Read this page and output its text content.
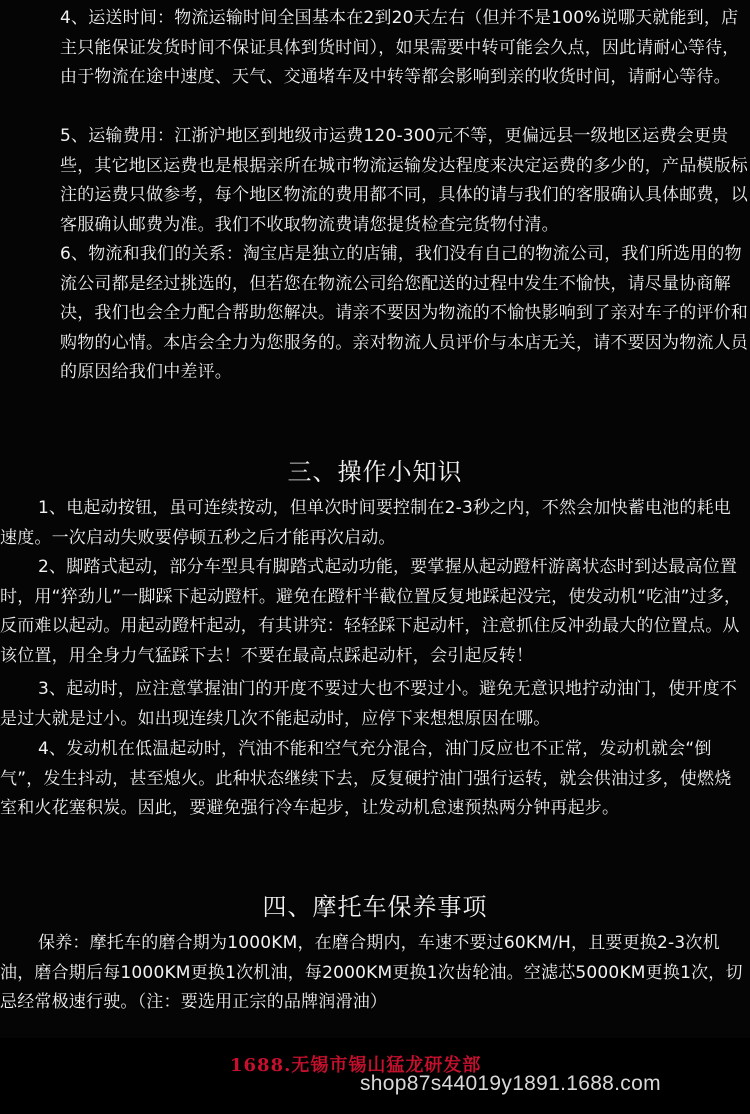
4、运送时间：物流运输时间全国基本在2到20天左右（但并不是100%说哪天就能到，店主只能保证发货时间不保证具体到货时间），如果需要中转可能会久点，因此请耐心等待，由于物流在途中速度、天气、交通堵车及中转等都会影响到亲的收货时间，请耐心等待。

5、运输费用：江浙沪地区到地级市运费120-300元不等，更偏远县一级地区运费会更贵些，其它地区运费也是根据亲所在城市物流运输发达程度来决定运费的多少的，产品模版标注的运费只做参考，每个地区物流的费用都不同，具体的请与我们的客服确认具体邮费，以客服确认邮费为准。我们不收取物流费请您提货检查完货物付清。

6、物流和我们的关系：淘宝店是独立的店铺，我们没有自己的物流公司，我们所选用的物流公司都是经过挑选的，但若您在物流公司给您配送的过程中发生不愉快，请尽量协商解决，我们也会全力配合帮助您解决。请亲不要因为物流的不愉快影响到了亲对车子的评价和购物的心情。本店会全力为您服务的。亲对物流人员评价与本店无关，请不要因为物流人员的原因给我们中差评。

三、操作小知识

1、电起动按钮，虽可连续按动，但单次时间要控制在2-3秒之内，不然会加快蓄电池的耗电速度。一次启动失败要停顿五秒之后才能再次启动。

2、脚踏式起动，部分车型具有脚踏式起动功能，要掌握从起动蹬杆游离状态时到达最高位置时，用“猝劲儿”一脚踩下起动蹬杆。避免在蹬杆半截位置反复地踩起没完，使发动机“吃油”过多，反而难以起动。用起动蹬杆起动，有其讲究：轻轻踩下起动杆，注意抓住反冲劲最大的位置点。从该位置，用全身力气猛踩下去！不要在最高点踩起动杆，会引起反转！

3、起动时，应注意掌握油门的开度不要过大也不要过小。避免无意识地拧动油门，使开度不是过大就是过小。如出现连续几次不能起动时，应停下来想想原因在哪。

4、发动机在低温起动时，汽油不能和空气充分混合，油门反应也不正常，发动机就会“倒气”，发生抖动，甚至熄火。此种状态继续下去，反复硬拧油门强行运转，就会供油过多，使燃烧室和火花塞积炭。因此，要避免强行冷车起步，让发动机怠速预热两分钟再起步。

四、摩托车保养事项

保养：摩托车的磨合期为1000KM，在磨合期内，车速不要过60KM/H，且要更换2-3次机油，磨合期后每1000KM更换1次机油，每2000KM更换1次齿轮油。空滤芯5000KM更换1次，切忌经常极速行驶。（注：要选用正宗的品牌润滑油）

1688.无锡市锡山猛龙研发部
shop87s44019y1891.1688.com
